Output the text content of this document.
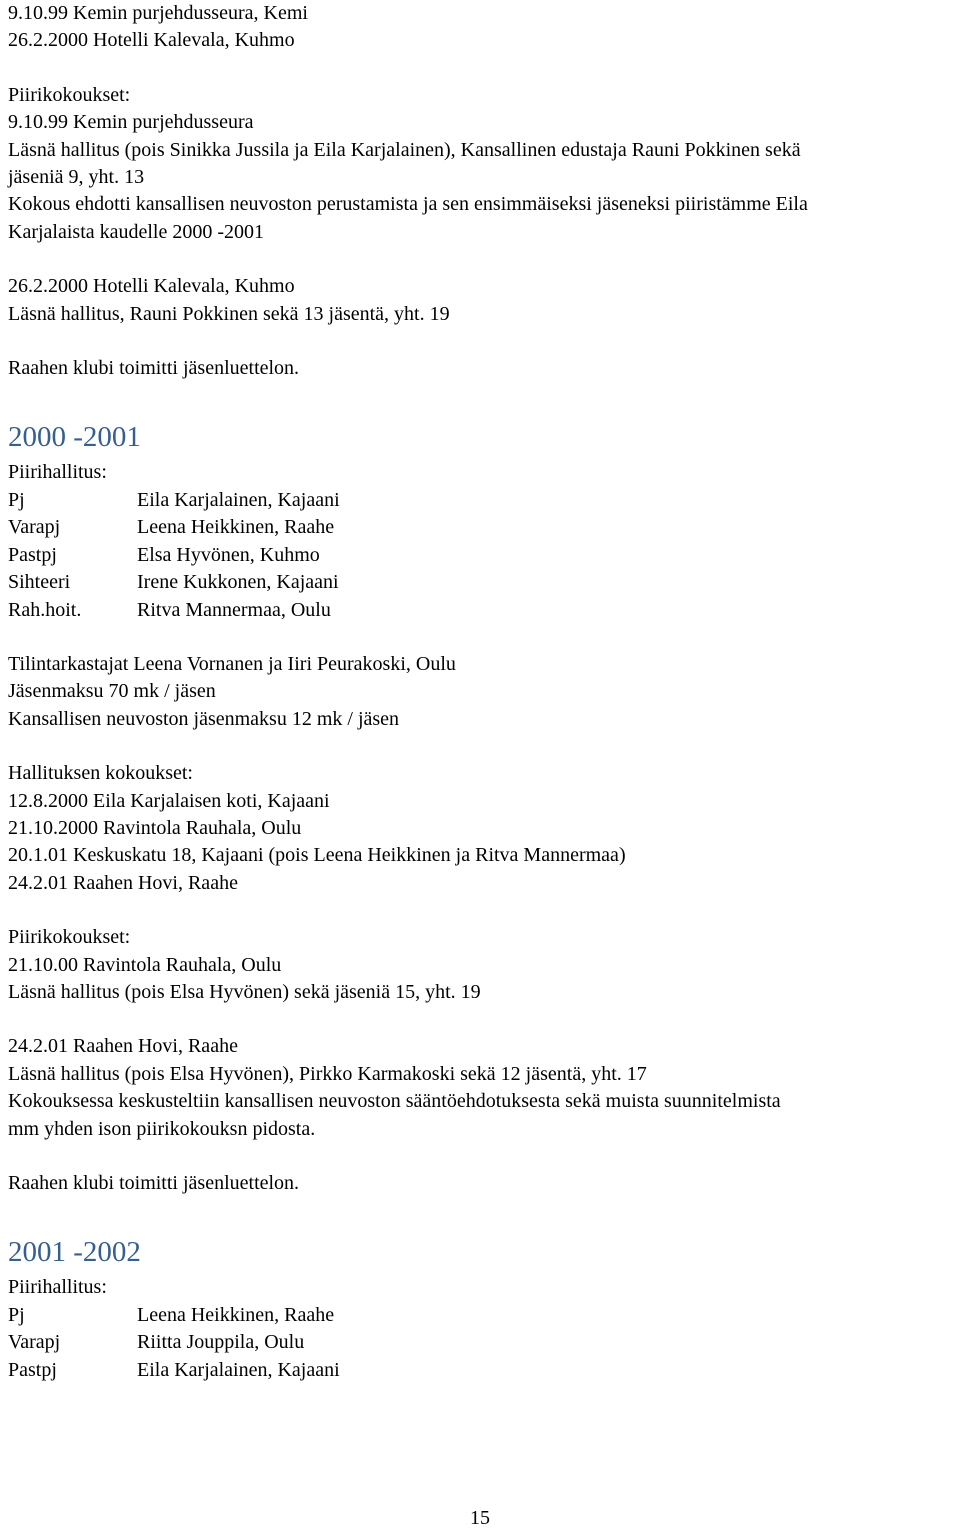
9.10.99 Kemin purjehdusseura, Kemi
26.2.2000 Hotelli Kalevala, Kuhmo
Piirikokoukset:
9.10.99 Kemin purjehdusseura
Läsnä hallitus (pois Sinikka Jussila ja Eila Karjalainen), Kansallinen edustaja Rauni Pokkinen sekä
jäseniä 9, yht. 13
Kokous ehdotti kansallisen neuvoston perustamista ja sen ensimmäiseksi jäseneksi piiristämme Eila
Karjalaista kaudelle 2000 -2001
26.2.2000 Hotelli Kalevala, Kuhmo
Läsnä hallitus, Rauni Pokkinen sekä 13 jäsentä, yht. 19
Raahen klubi toimitti jäsenluettelon.
2000 -2001
Piirihallitus:
Pj	Eila Karjalainen, Kajaani
Varapj	Leena Heikkinen, Raahe
Pastpj	Elsa Hyvönen, Kuhmo
Sihteeri	Irene Kukkonen, Kajaani
Rah.hoit.	Ritva Mannermaa, Oulu
Tilintarkastajat Leena Vornanen ja Iiri Peurakoski, Oulu
Jäsenmaksu 70 mk / jäsen
Kansallisen neuvoston jäsenmaksu 12 mk / jäsen
Hallituksen kokoukset:
12.8.2000 Eila Karjalaisen koti, Kajaani
21.10.2000 Ravintola Rauhala, Oulu
20.1.01 Keskuskatu 18, Kajaani (pois Leena Heikkinen ja Ritva Mannermaa)
24.2.01 Raahen Hovi, Raahe
Piirikokoukset:
21.10.00 Ravintola Rauhala, Oulu
Läsnä hallitus (pois Elsa Hyvönen) sekä jäseniä 15, yht. 19
24.2.01 Raahen Hovi, Raahe
Läsnä hallitus (pois Elsa Hyvönen), Pirkko Karmakoski sekä 12 jäsentä, yht. 17
Kokouksessa keskusteltiin kansallisen neuvoston sääntöehdotuksesta sekä muista suunnitelmista
mm yhden ison piirikokouksn pidosta.
Raahen klubi toimitti jäsenluettelon.
2001 -2002
Piirihallitus:
Pj	Leena Heikkinen, Raahe
Varapj	Riitta Jouppila, Oulu
Pastpj	Eila Karjalainen, Kajaani
15
